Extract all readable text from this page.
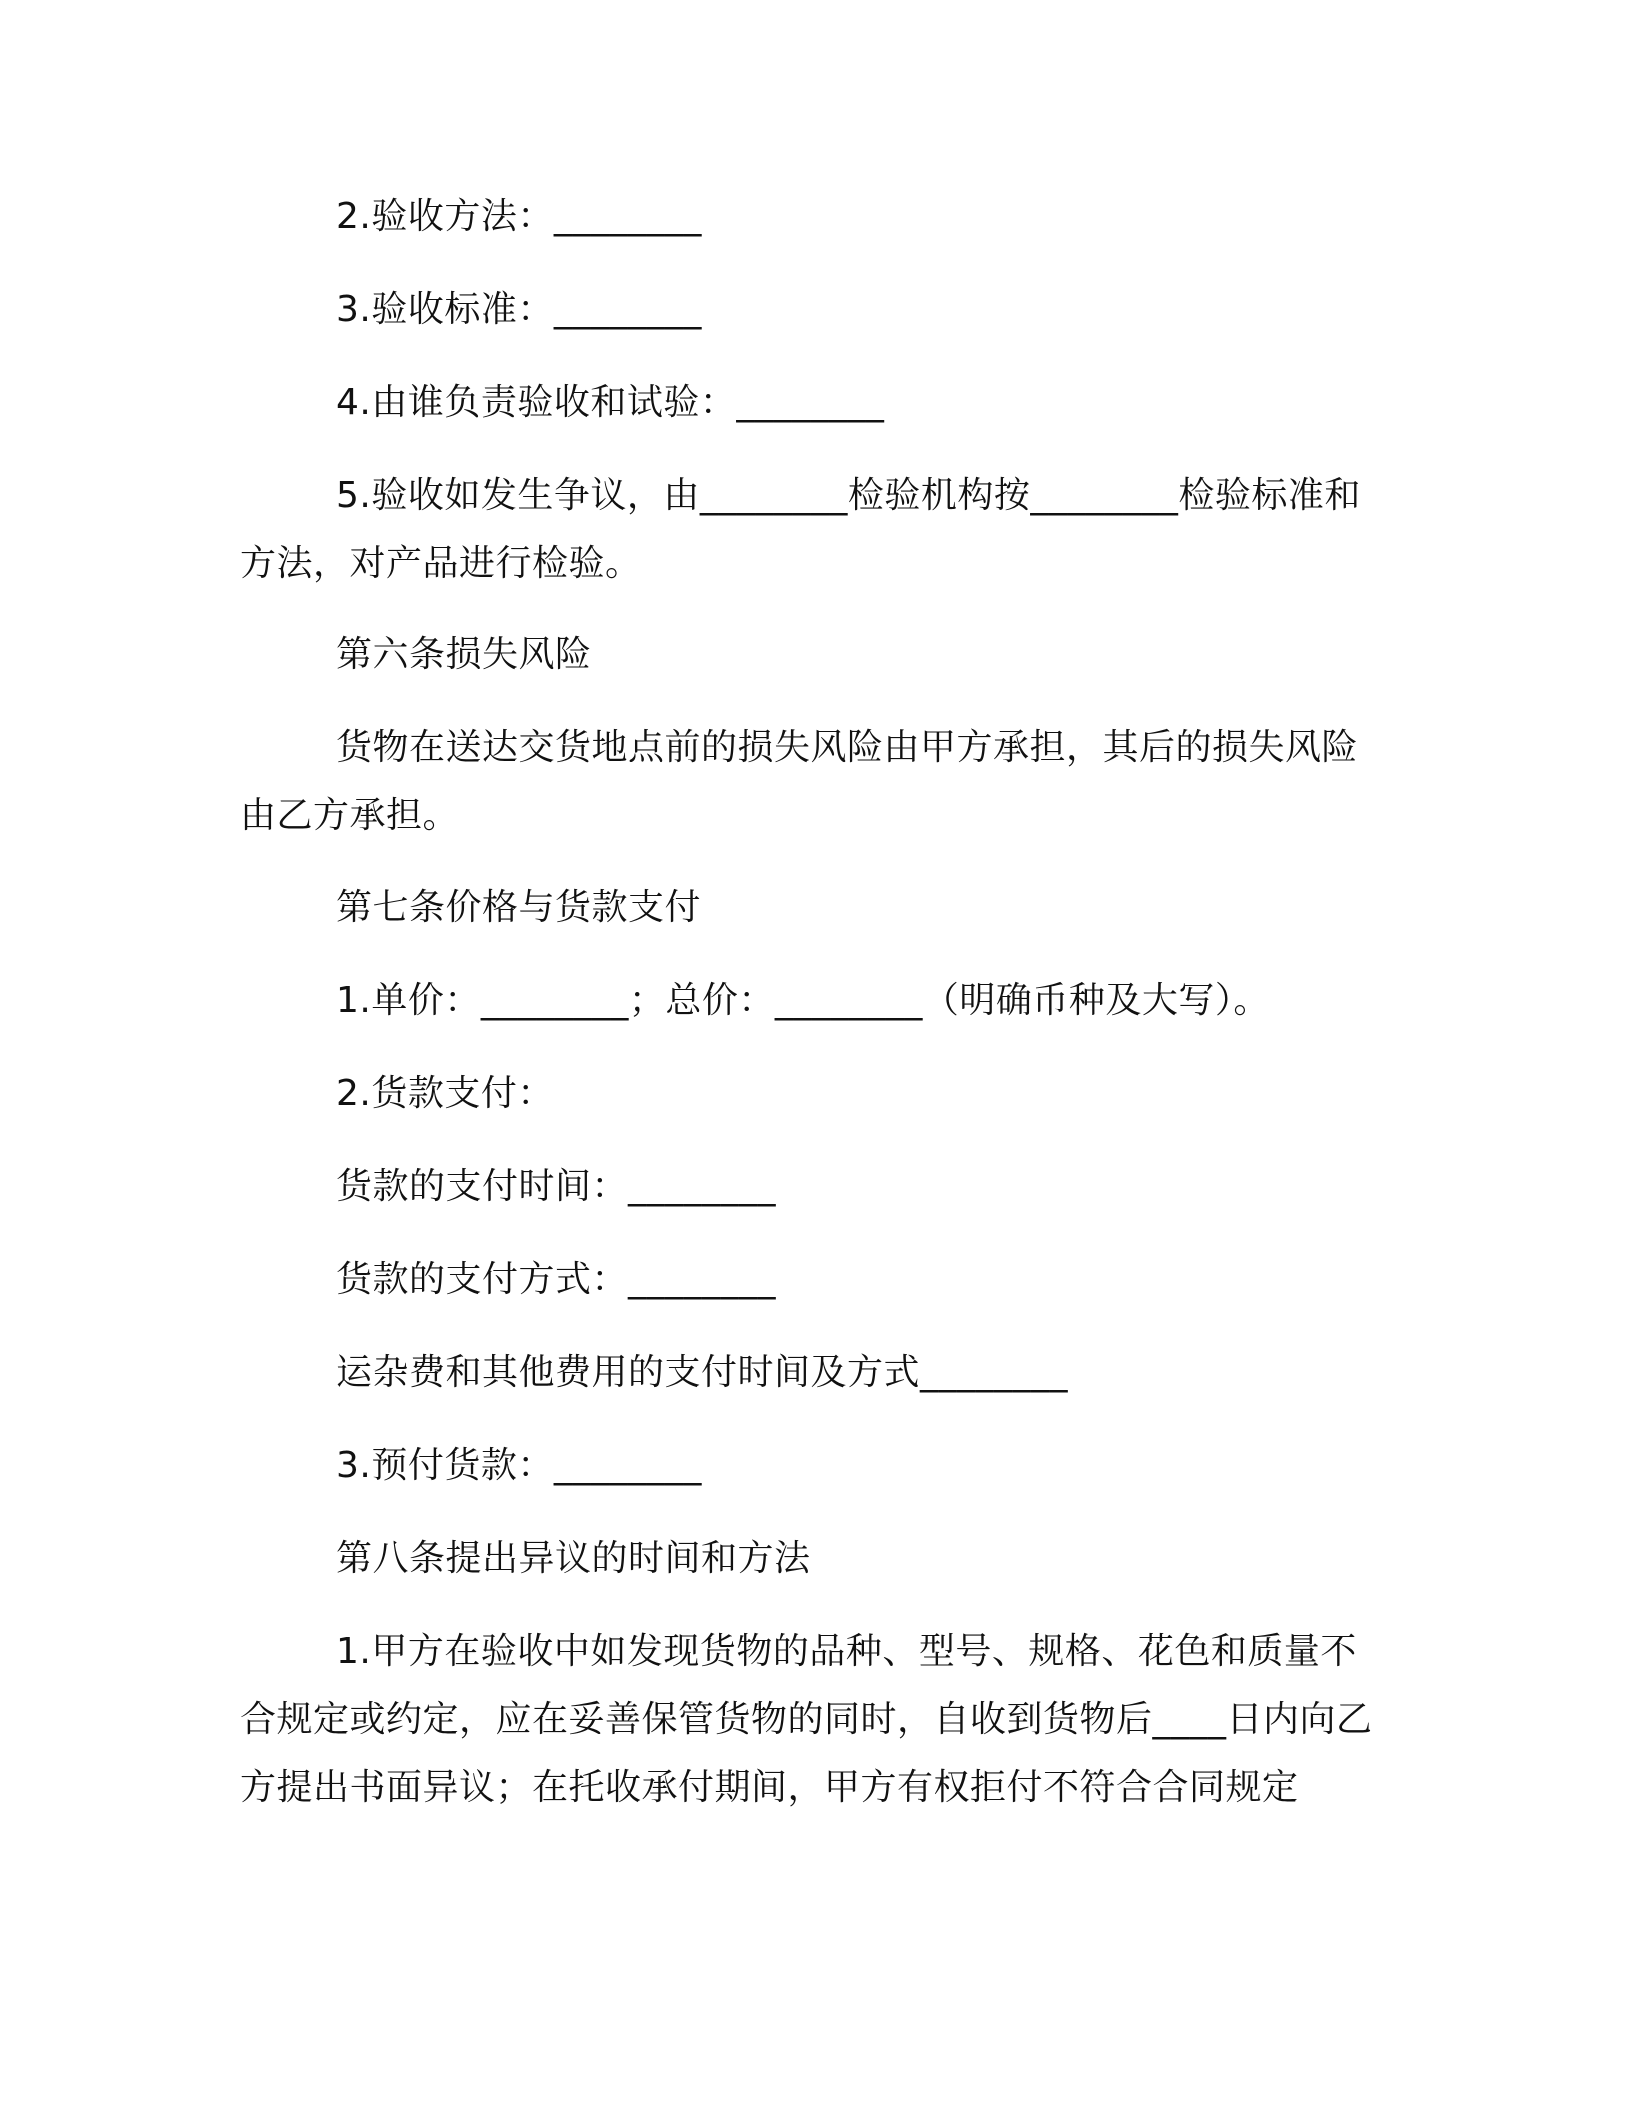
2.验收方法：________

3.验收标准：________

4.由谁负责验收和试验：________

5.验收如发生争议，由________检验机构按________检验标准和方法，对产品进行检验。

第六条损失风险

货物在送达交货地点前的损失风险由甲方承担，其后的损失风险由乙方承担。

第七条价格与货款支付

1.单价：________；总价：________（明确币种及大写）。

2.货款支付：

货款的支付时间：________

货款的支付方式：________

运杂费和其他费用的支付时间及方式________

3.预付货款：________

第八条提出异议的时间和方法

1.甲方在验收中如发现货物的品种、型号、规格、花色和质量不合规定或约定，应在妥善保管货物的同时，自收到货物后____日内向乙方提出书面异议；在托收承付期间，甲方有权拒付不符合合同规定
